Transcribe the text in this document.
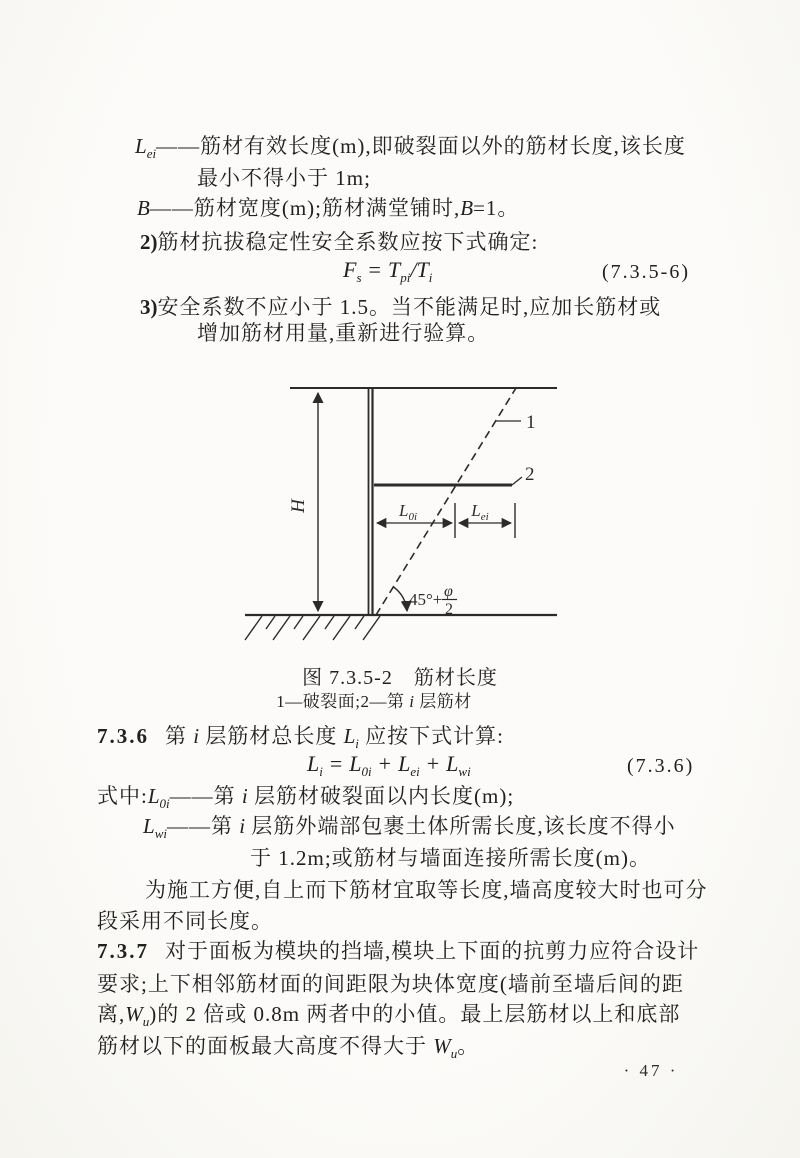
$L_{ei}——$筋材有效长度(m),即破裂面以外的筋材长度,该长度
最小不得小于 1m;
B——筋材宽度(m);筋材满堂铺时,B=1。
2)筋材抗拔稳定性安全系数应按下式确定:
$F_s = T_{pi}/T_i$	(7.3.5-6)
3)安全系数不应小于 1.5。当不能满足时,应加长筋材或
增加筋材用量,重新进行验算。
H
1
2
$L_{0i}$	$L_{ei}$
45°+ φ
2
图 7.3.5-2　筋材长度
1—破裂面;2—第 i 层筋材
7.3.6 第 i 层筋材总长度 $L_i$ 应按下式计算:
$L_i = L_{0i} + L_{ei} + L_{wi}$	(7.3.6)
式中$:L_{0i}——$第 i 层筋材破裂面以内长度(m);
$L_{wi}——$第 i 层筋外端部包裹土体所需长度,该长度不得小
于 1.2m;或筋材与墙面连接所需长度(m)。
为施工方便,自上而下筋材宜取等长度,墙高度较大时也可分
段采用不同长度。
7.3.7 对于面板为模块的挡墙,模块上下面的抗剪力应符合设计
要求;上下相邻筋材面的间距限为块体宽度(墙前至墙后间的距
离$,W_u$)的 2 倍或 0.8m 两者中的小值。最上层筋材以上和底部
筋材以下的面板最大高度不得大于 $W_u$。
· 47 ·
